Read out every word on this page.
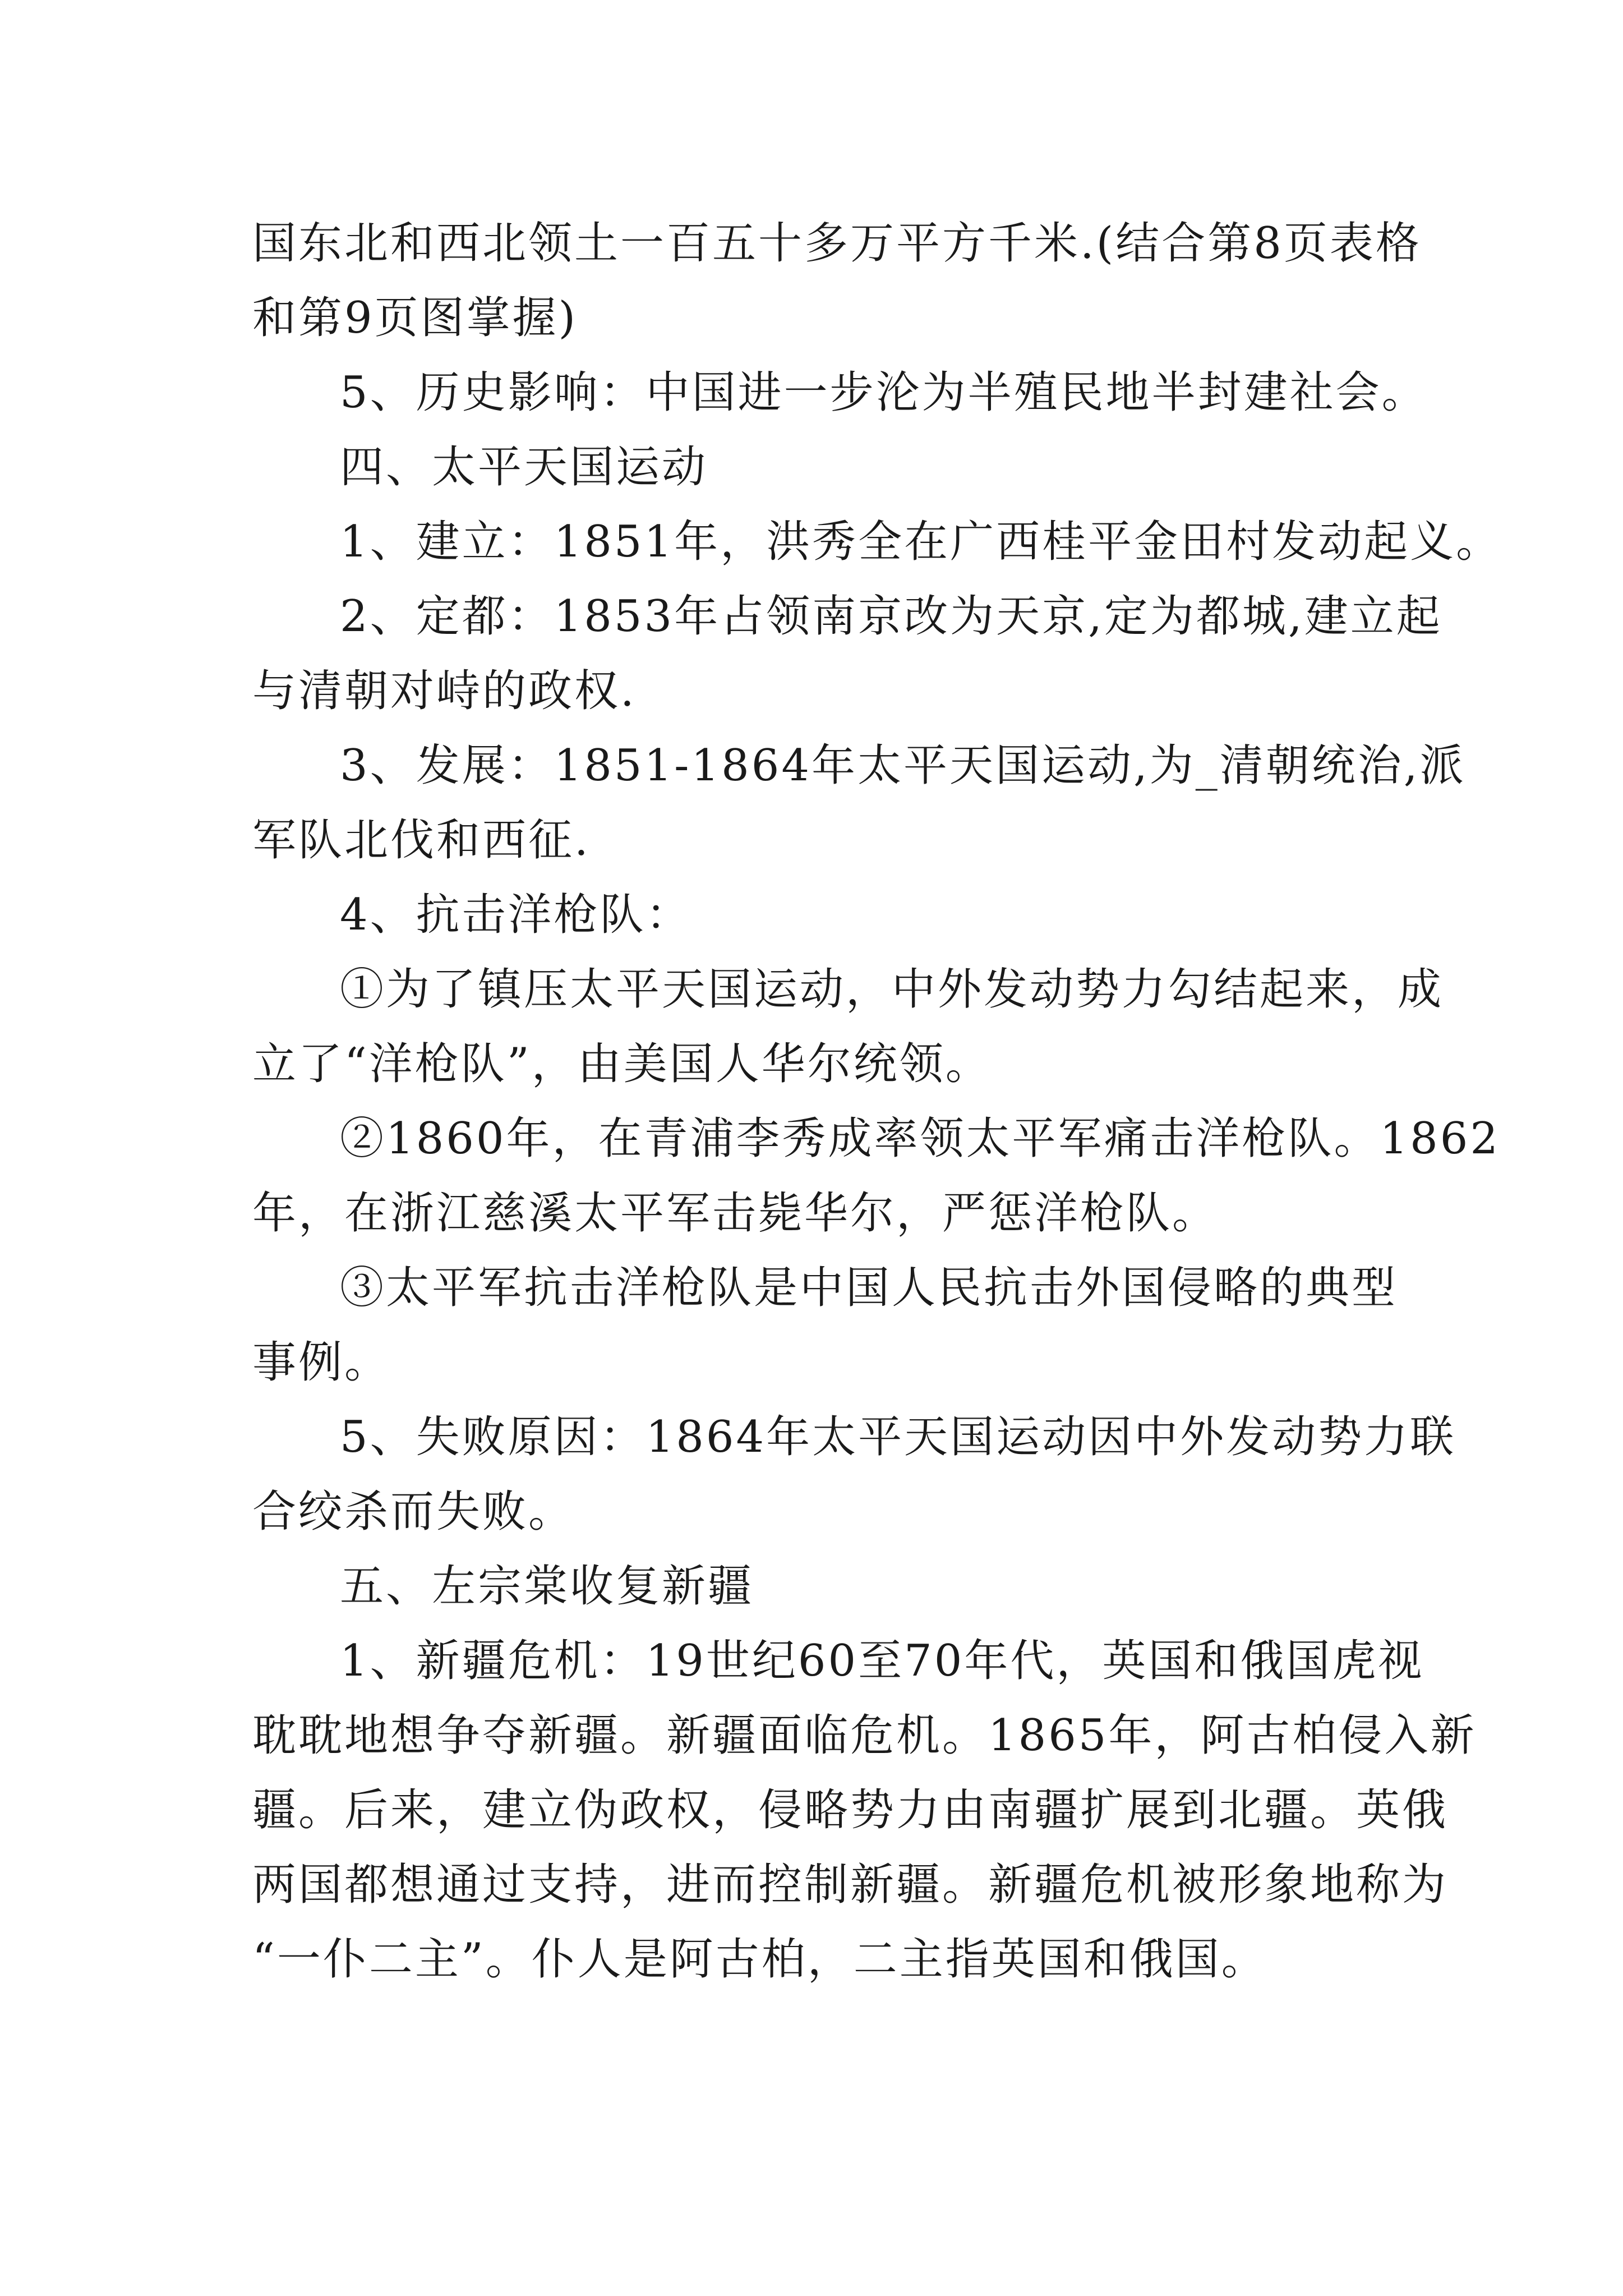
国东北和西北领土一百五十多万平方千米.(结合第8页表格
和第9页图掌握)
5、历史影响：中国进一步沦为半殖民地半封建社会。
四、太平天国运动
1、建立：1851年，洪秀全在广西桂平金田村发动起义。
2、定都：1853年占领南京改为天京,定为都城,建立起
与清朝对峙的政权.
3、发展：1851-1864年太平天国运动,为_清朝统治,派
军队北伐和西征.
4、抗击洋枪队：
①为了镇压太平天国运动，中外发动势力勾结起来，成
立了“洋枪队”，由美国人华尔统领。
②1860年，在青浦李秀成率领太平军痛击洋枪队。1862
年，在浙江慈溪太平军击毙华尔，严惩洋枪队。
③太平军抗击洋枪队是中国人民抗击外国侵略的典型
事例。
5、失败原因：1864年太平天国运动因中外发动势力联
合绞杀而失败。
五、左宗棠收复新疆
1、新疆危机：19世纪60至70年代，英国和俄国虎视
耽耽地想争夺新疆。新疆面临危机。1865年，阿古柏侵入新
疆。后来，建立伪政权，侵略势力由南疆扩展到北疆。英俄
两国都想通过支持，进而控制新疆。新疆危机被形象地称为
“一仆二主”。仆人是阿古柏，二主指英国和俄国。
